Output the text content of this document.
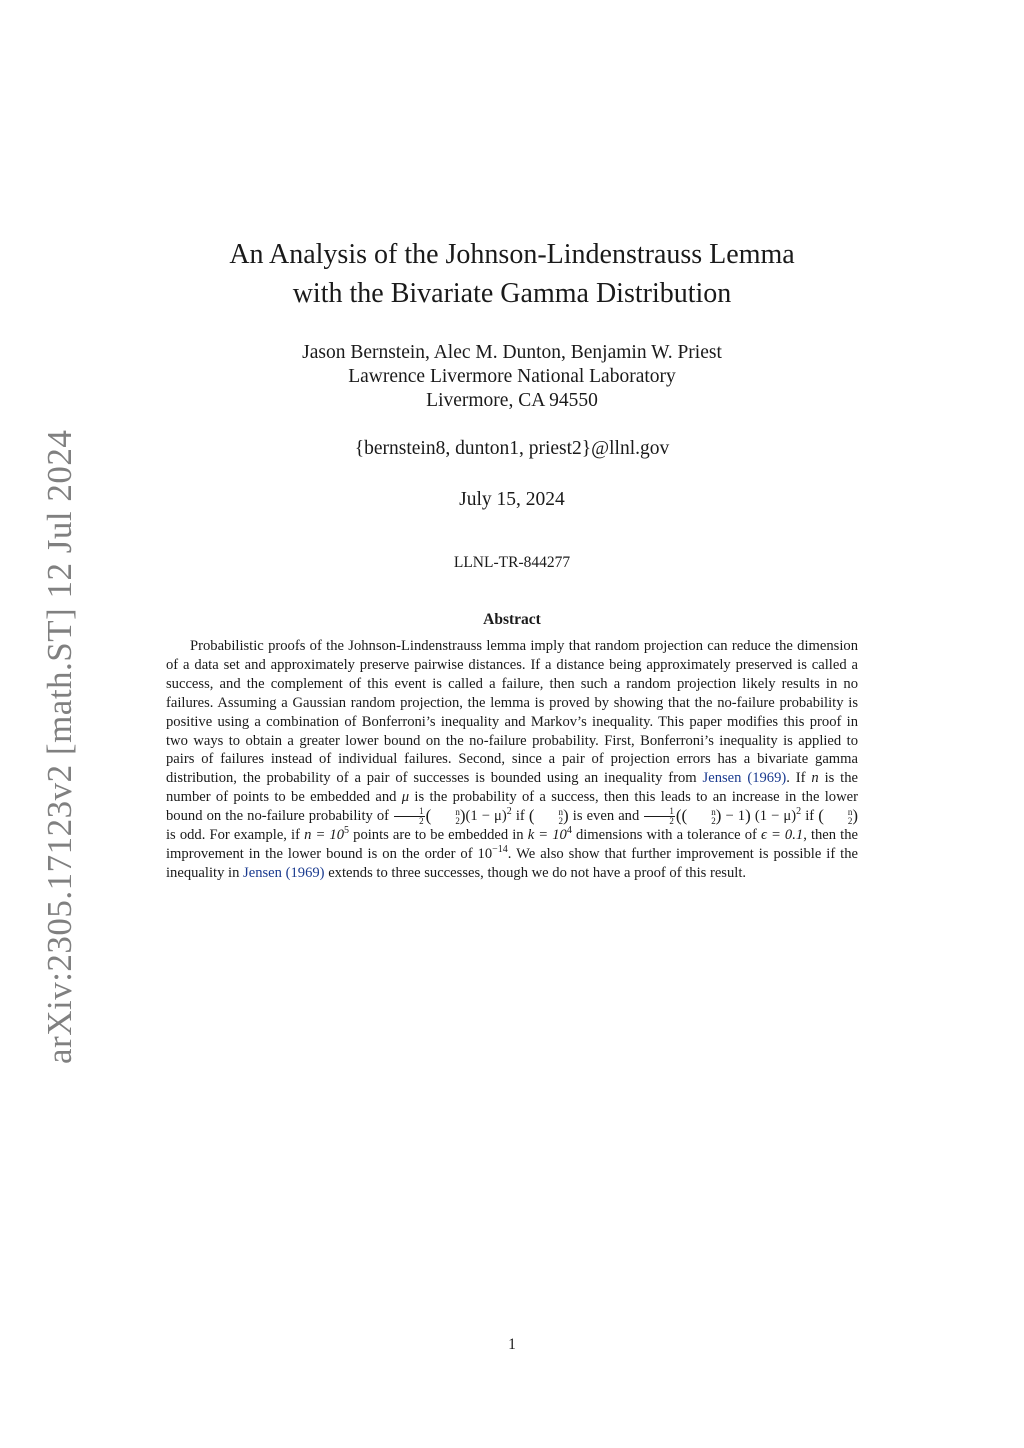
arXiv:2305.17123v2 [math.ST] 12 Jul 2024
An Analysis of the Johnson-Lindenstrauss Lemma
with the Bivariate Gamma Distribution
Jason Bernstein, Alec M. Dunton, Benjamin W. Priest
Lawrence Livermore National Laboratory
Livermore, CA 94550
{bernstein8, dunton1, priest2}@llnl.gov
July 15, 2024
LLNL-TR-844277
Abstract

Probabilistic proofs of the Johnson-Lindenstrauss lemma imply that random projection can reduce the dimension of a data set and approximately preserve pairwise distances. If a distance being approximately preserved is called a success, and the complement of this event is called a failure, then such a random projection likely results in no failures. Assuming a Gaussian random projection, the lemma is proved by showing that the no-failure probability is positive using a combination of Bonferroni’s inequality and Markov’s inequality. This paper modifies this proof in two ways to obtain a greater lower bound on the no-failure probability. First, Bonferroni’s inequality is applied to pairs of failures instead of individual failures. Second, since a pair of projection errors has a bivariate gamma distribution, the probability of a pair of successes is bounded using an inequality from Jensen (1969). If n is the number of points to be embedded and μ is the probability of a success, then this leads to an increase in the lower bound on the no-failure probability of $\frac{1}{2}$ (	n
2 )$(1 - \mu)^2$ if (	n
2 ) is even and $\frac{1}{2}$ ((	n
2 ) − 1) $(1 - \mu)^2$ if (	n
2 ) is odd. For example, if $n = 10^5$ points are to be embedded in $k = 10^4$ dimensions with a tolerance of ϵ = 0.1, then the improvement in the lower bound is on the order of $10^{-14}$. We also show that further improvement is possible if the inequality in Jensen (1969) extends to three successes, though we do not have a proof of this result.

1
